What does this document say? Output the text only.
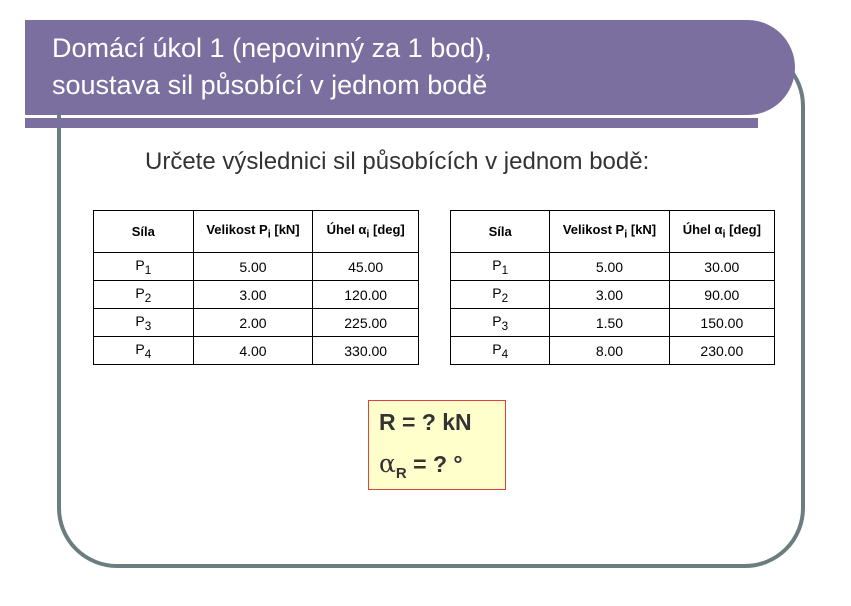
Domácí úkol 1 (nepovinný za 1 bod),
soustava sil působící v jednom bodě
Určete výslednici sil působících v jednom bodě:
Síla	Velikost $P_i$ [kN]	Úhel $\alpha_i$ [deg]
$P_1$	5.00	45.00
$P_2$	3.00	120.00
$P_3$	2.00	225.00
$P_4$	4.00	330.00
Síla	Velikost $P_i$ [kN]	Úhel $\alpha_i$ [deg]
$P_1$	5.00	30.00
$P_2$	3.00	90.00
$P_3$	1.50	150.00
$P_4$	8.00	230.00
R = ? kN
$\alpha_R$ = ? °
